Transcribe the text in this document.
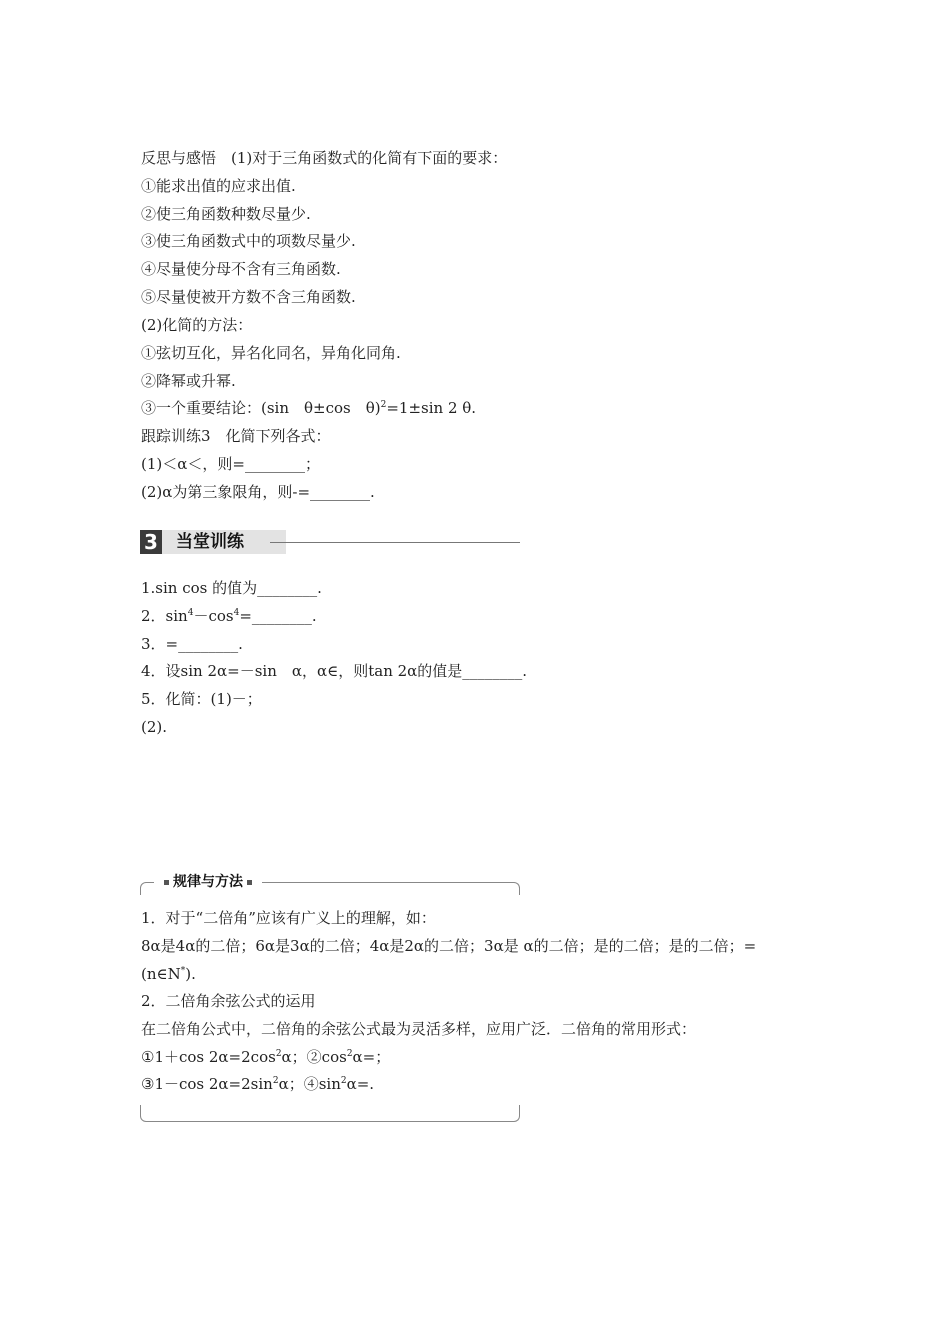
反思与感悟　(1)对于三角函数式的化简有下面的要求：
①能求出值的应求出值.
②使三角函数种数尽量少.
③使三角函数式中的项数尽量少.
④尽量使分母不含有三角函数.
⑤尽量使被开方数不含三角函数.
(2)化简的方法：
①弦切互化，异名化同名，异角化同角.
②降幂或升幂.
③一个重要结论：(sin　θ±cos　θ)$^2$=1±sin 2 θ.
跟踪训练3　化简下列各式：
(1)＜α＜，则=________；
(2)α为第三象限角，则-=________.
3 当堂训练
1.sin cos 的值为________.
2．$\sin^4-\cos^4=\_\_\_\_\_\_\_\_$.
3．=________.
4．设sin 2α=－sin　α，α∈，则tan 2α的值是________.
5．化简：(1)－；
(2).
规律与方法
1．对于“二倍角”应该有广义上的理解，如：
8α是4α的二倍；6α是3α的二倍；4α是2α的二倍；3α是 α的二倍；是的二倍；是的二倍；=(n∈N*).
2．二倍角余弦公式的运用
在二倍角公式中，二倍角的余弦公式最为灵活多样，应用广泛．二倍角的常用形式：
①1＋cos $2\alpha=2\cos^2\alpha$；$②\cos^2\alpha=$；
③1－cos $2\alpha=2\sin^2\alpha$；$④\sin^2\alpha=$.
